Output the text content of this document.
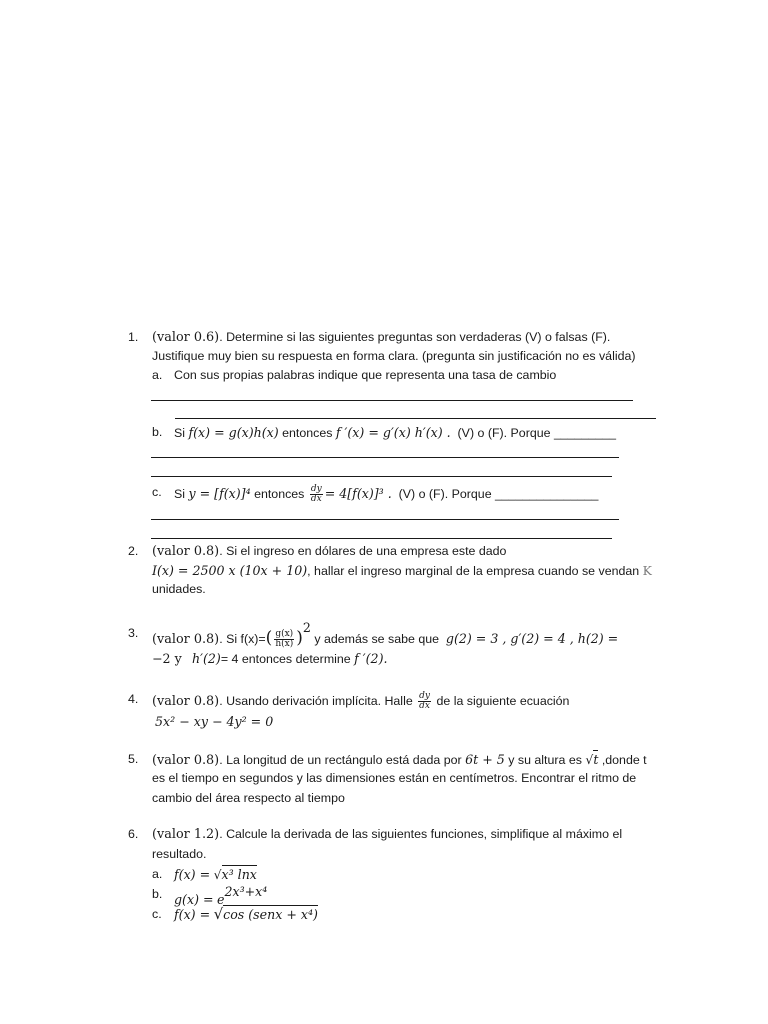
1.	(valor 0.6). Determine si las siguientes preguntas son verdaderas (V) o falsas (F).
Justifique muy bien su respuesta en forma clara. (pregunta sin justificación no es válida)
a. Con sus propias palabras indique que representa una tasa de cambio
b. Si f(x) = g(x)h(x) entonces f ′(x) = g′(x) h′(x) . (V) o (F). Porque _________
c. Si y = [f(x)]⁴ entonces $\frac{dy}{dx} = 4[f(x)]^3$ . (V) o (F). Porque _______________
2.	(valor 0.8). Si el ingreso en dólares de una empresa este dado
I(x) = 2500 x (10x + 10), hallar el ingreso marginal de la empresa cuando se vendan K
unidades.
3.	(valor 0.8). Si $f(x)=( \frac{g(x)}{h(x)} )^2$ y además se sabe que g(2) = 3 , g′(2) = 4 , h(2) =
−2 y h′(2)= 4 entonces determine f ′(2).
4.	(valor 0.8). Usando derivación implícita. Halle $\frac{dy}{dx}$ de la siguiente ecuación
5x² − xy − 4y² = 0
5.	(valor 0.8). La longitud de un rectángulo está dada por 6t + 5 y su altura es √t ,donde t
es el tiempo en segundos y las dimensiones están en centímetros. Encontrar el ritmo de
cambio del área respecto al tiempo
6.	(valor 1.2). Calcule la derivada de las siguientes funciones, simplifique al máximo el
resultado.
a. f(x) = √x³ lnx
b. $g(x) = e^{2x^3+x^4}$
c. f(x) = √cos (senx + x⁴)
